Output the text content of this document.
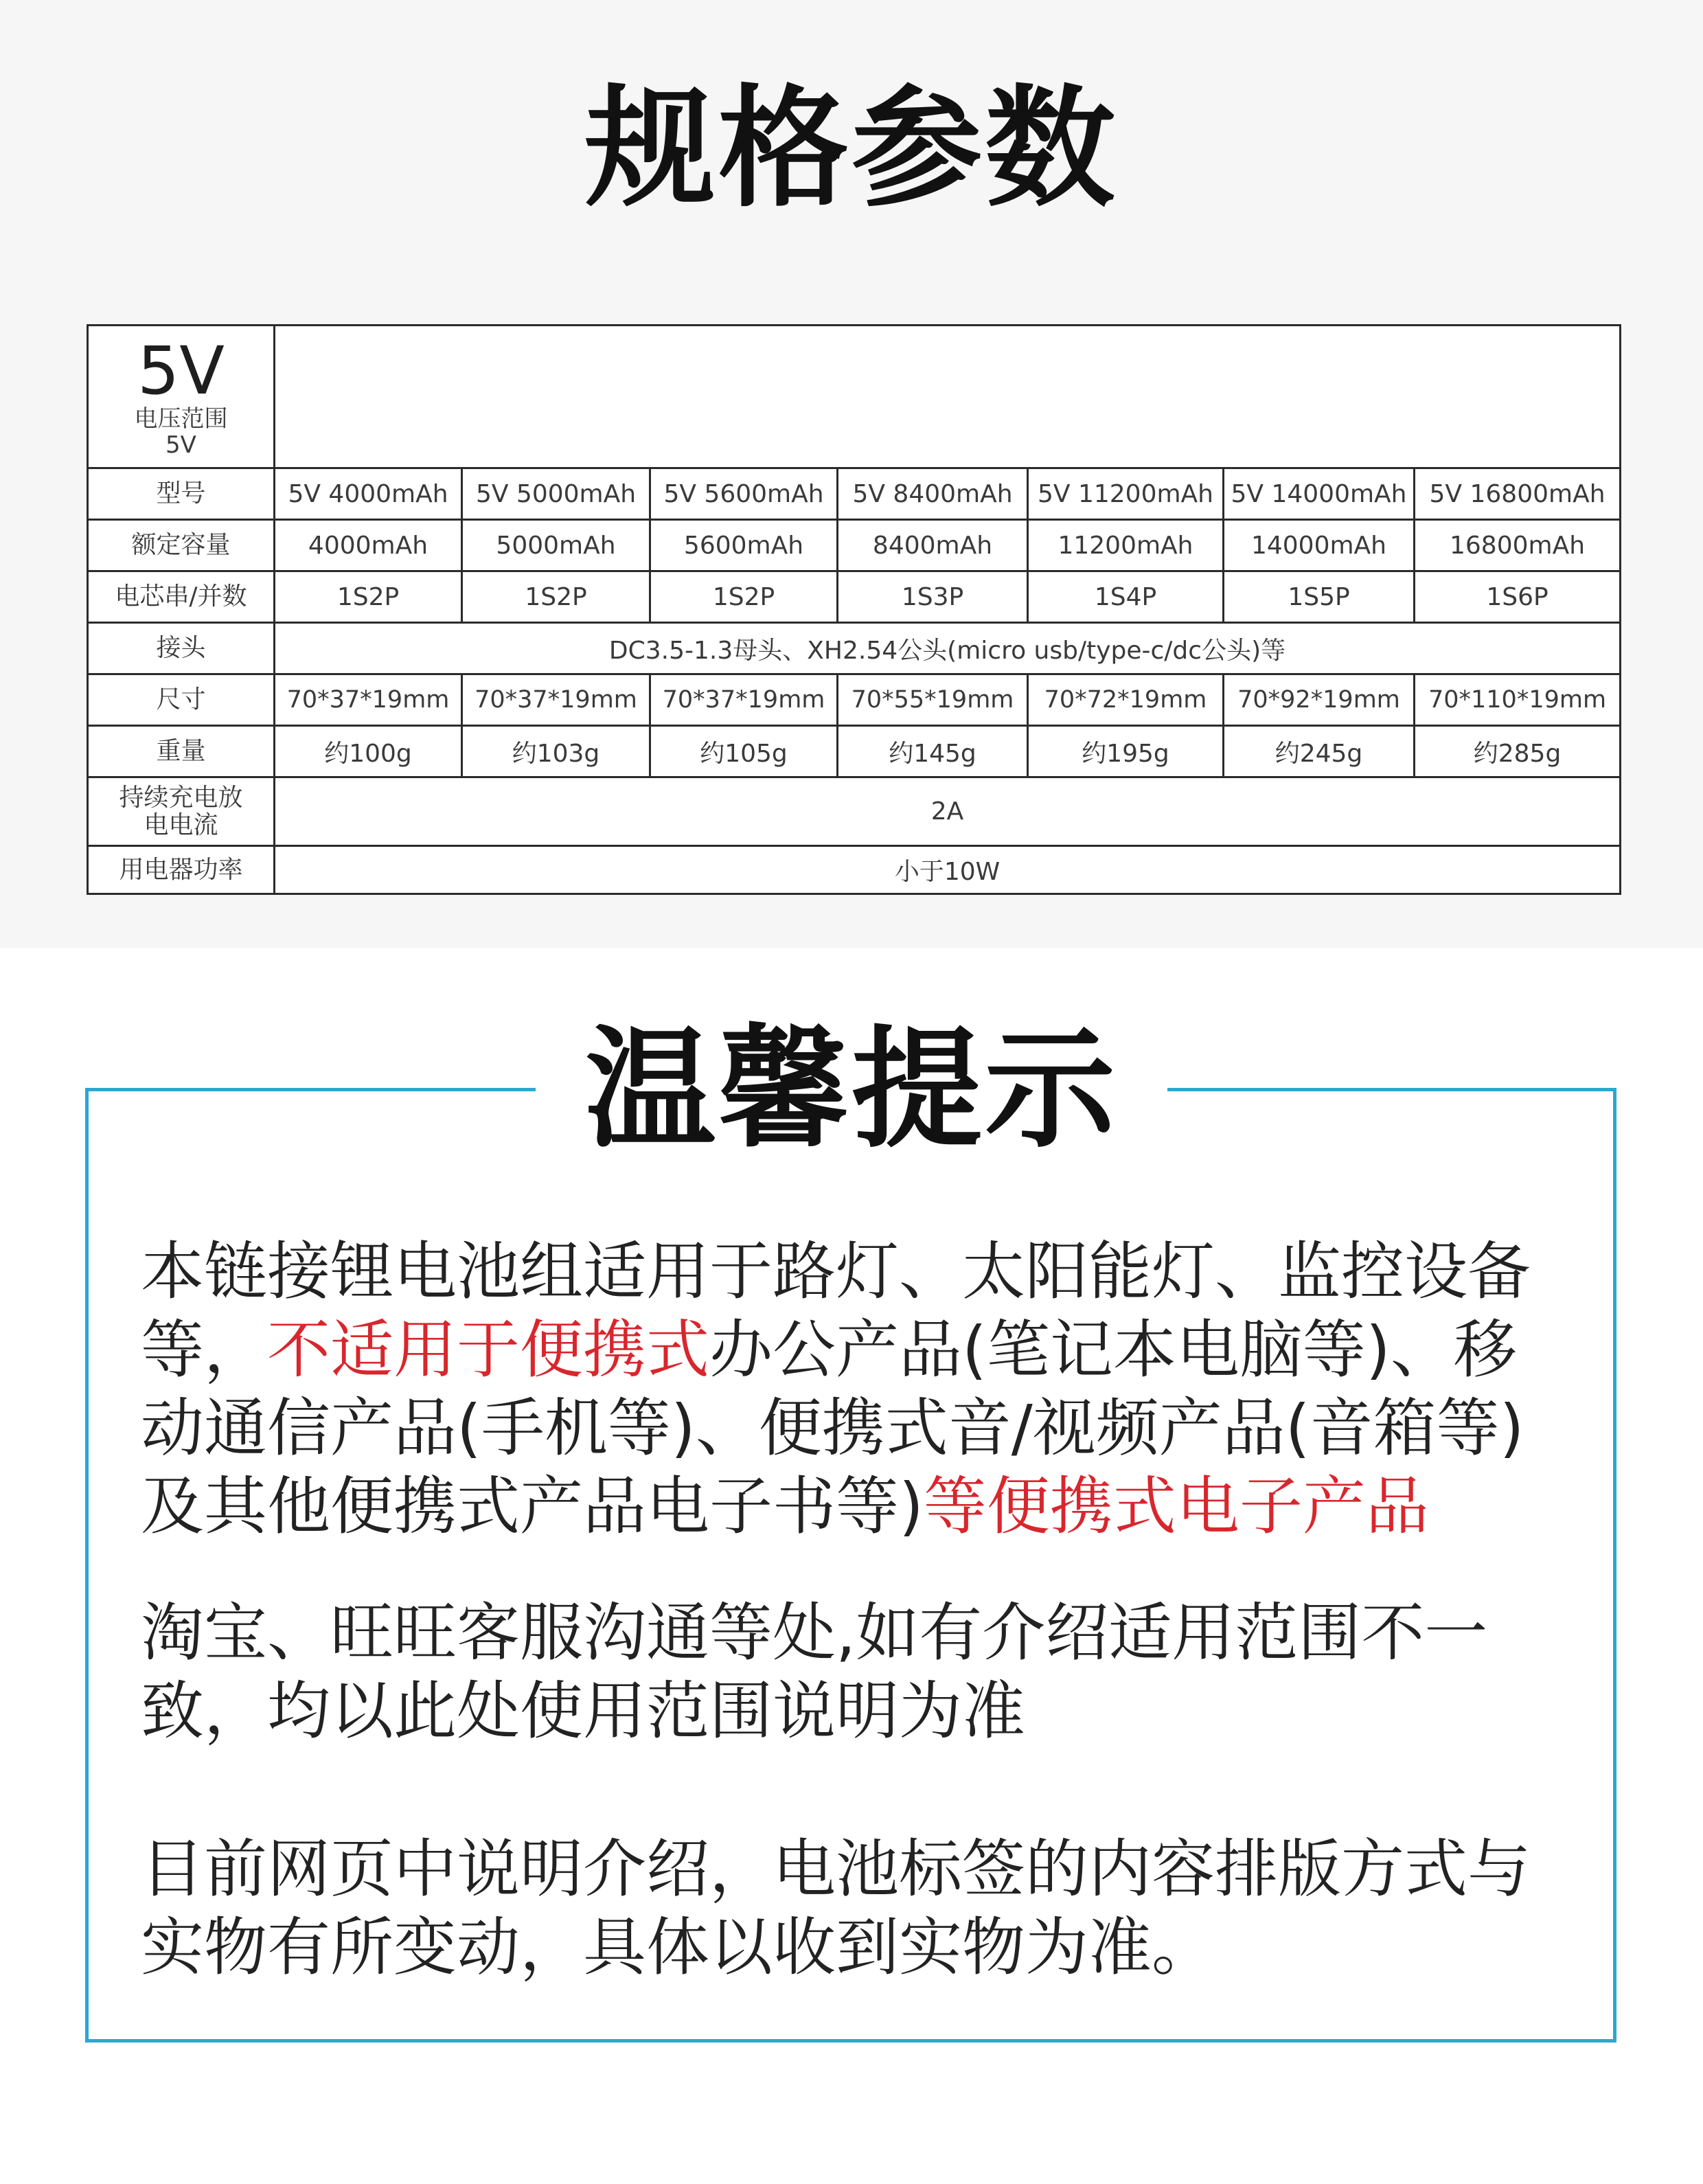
规格参数
5V
电压范围
5V							

型号	5V 4000mAh	5V 5000mAh	5V 5600mAh	5V 8400mAh	5V 11200mAh	5V 14000mAh	5V 16800mAh
额定容量	4000mAh	5000mAh	5600mAh	8400mAh	11200mAh	14000mAh	16800mAh
电芯串/并数	1S2P	1S2P	1S2P	1S3P	1S4P	1S5P	1S6P
接头	DC3.5-1.3母头、XH2.54公头(micro usb/type-c/dc公头)等						
尺寸	70*37*19mm	70*37*19mm	70*37*19mm	70*55*19mm	70*72*19mm	70*92*19mm	70*110*19mm
重量	约100g	约103g	约105g	约145g	约195g	约245g	约285g
持续充电放电电流	2A						
用电器功率	小于10W						
温馨提示

本链接锂电池组适用于路灯、太阳能灯、监控设备等，不适用于便携式办公产品(笔记本电脑等)、移动通信产品(手机等)、便携式音/视频产品(音箱等)及其他便携式产品电子书等)等便携式电子产品

淘宝、旺旺客服沟通等处,如有介绍适用范围不一致，均以此处使用范围说明为准

目前网页中说明介绍，电池标签的内容排版方式与实物有所变动，具体以收到实物为准。
